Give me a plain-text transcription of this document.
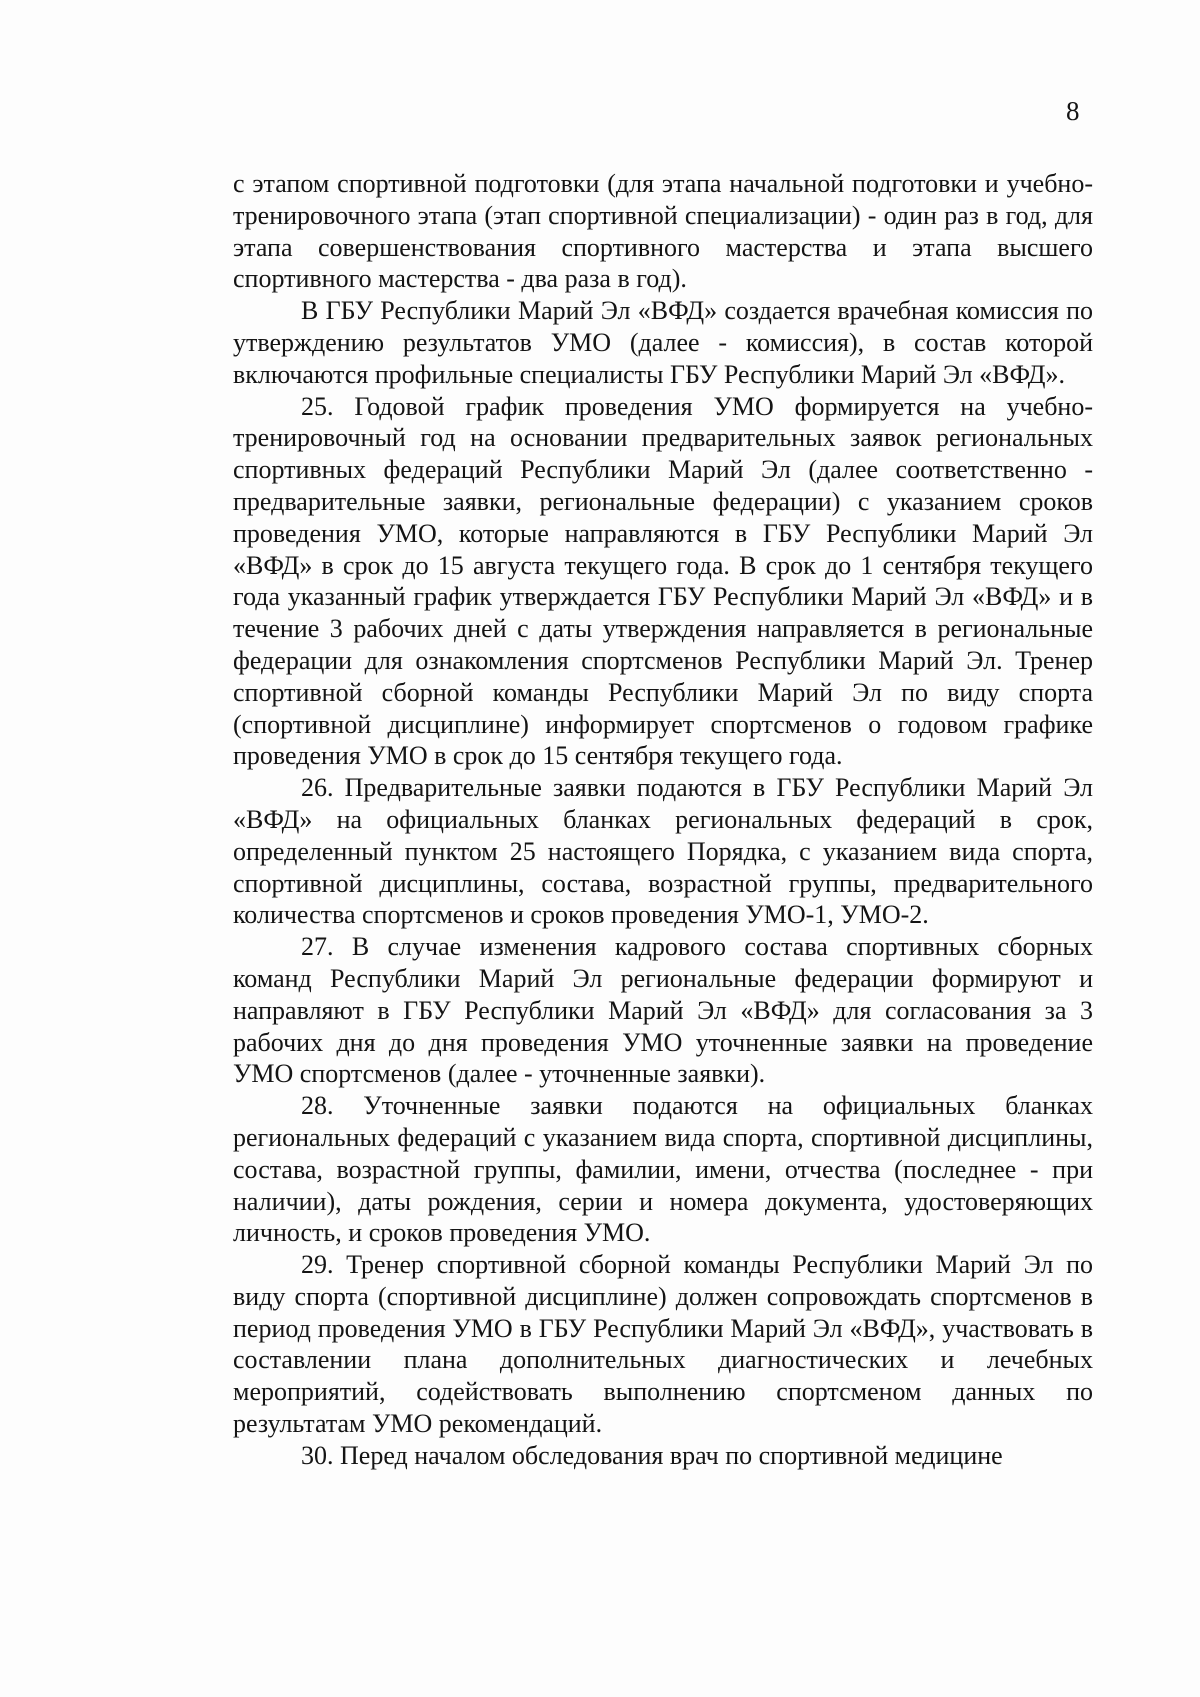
8

с этапом спортивной подготовки (для этапа начальной подготовки и учебно- тренировочного этапа (этап спортивной специализации) - один раз в год, для этапа совершенствования спортивного мастерства и этапа высшего спортивного мастерства - два раза в год).

В ГБУ Республики Марий Эл «ВФД» создается врачебная комиссия по утверждению результатов УМО (далее - комиссия), в состав которой включаются профильные специалисты ГБУ Республики Марий Эл «ВФД».

25. Годовой график проведения УМО формируется на учебно-тренировочный год на основании предварительных заявок региональных спортивных федераций Республики Марий Эл (далее соответственно - предварительные заявки, региональные федерации) с указанием сроков проведения УМО, которые направляются в ГБУ Республики Марий Эл «ВФД» в срок до 15 августа текущего года. В срок до 1 сентября текущего года указанный график утверждается ГБУ Республики Марий Эл «ВФД» и в течение 3 рабочих дней с даты утверждения направляется в региональные федерации для ознакомления спортсменов Республики Марий Эл. Тренер спортивной сборной команды Республики Марий Эл по виду спорта (спортивной дисциплине) информирует спортсменов о годовом графике проведения УМО в срок до 15 сентября текущего года.

26. Предварительные заявки подаются в ГБУ Республики Марий Эл «ВФД» на официальных бланках региональных федераций в срок, определенный пунктом 25 настоящего Порядка, с указанием вида спорта, спортивной дисциплины, состава, возрастной группы, предварительного количества спортсменов и сроков проведения УМО-1, УМО-2.

27. В случае изменения кадрового состава спортивных сборных команд Республики Марий Эл региональные федерации формируют и направляют в ГБУ Республики Марий Эл «ВФД» для согласования за 3 рабочих дня до дня проведения УМО уточненные заявки на проведение УМО спортсменов (далее - уточненные заявки).

28. Уточненные заявки подаются на официальных бланках региональных федераций с указанием вида спорта, спортивной дисциплины, состава, возрастной группы, фамилии, имени, отчества (последнее - при наличии), даты рождения, серии и номера документа, удостоверяющих личность, и сроков проведения УМО.

29. Тренер спортивной сборной команды Республики Марий Эл по виду спорта (спортивной дисциплине) должен сопровождать спортсменов в период проведения УМО в ГБУ Республики Марий Эл «ВФД», участвовать в составлении плана дополнительных диагностических и лечебных мероприятий, содействовать выполнению спортсменом данных по результатам УМО рекомендаций.

30. Перед началом обследования врач по спортивной медицине
